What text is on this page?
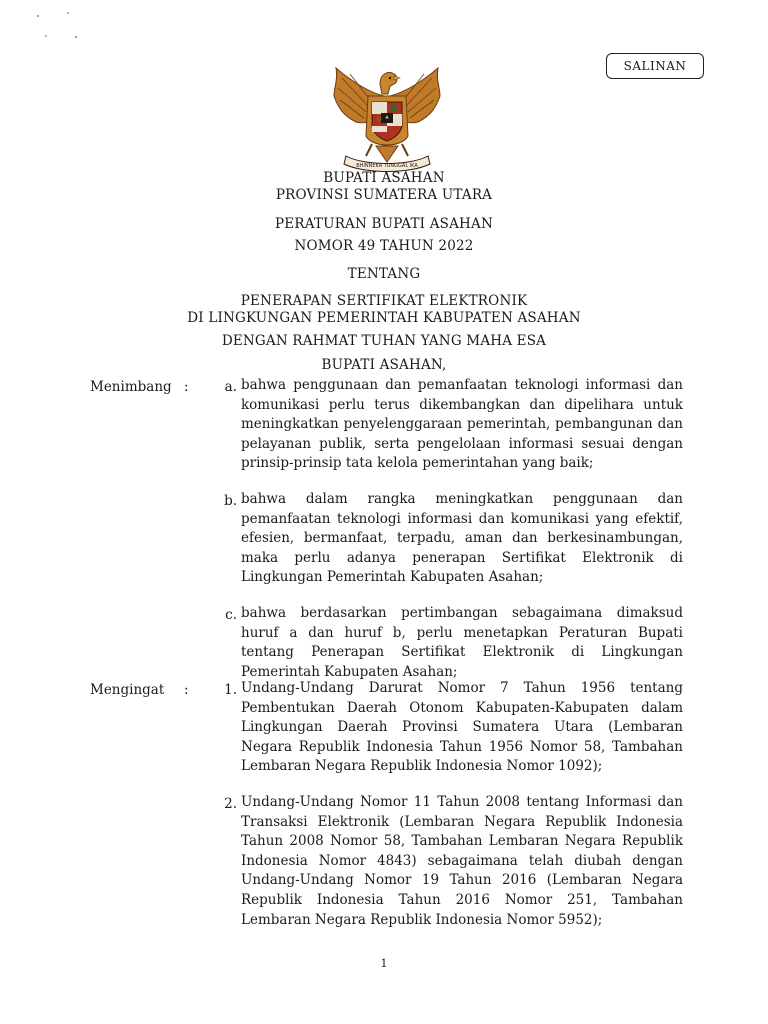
SALINAN
BHINNEKA TUNGGAL IKA
BUPATI ASAHAN
PROVINSI SUMATERA UTARA
PERATURAN BUPATI ASAHAN
NOMOR 49 TAHUN 2022
TENTANG
PENERAPAN SERTIFIKAT ELEKTRONIK
DI LINGKUNGAN PEMERINTAH KABUPATEN ASAHAN
DENGAN RAHMAT TUHAN YANG MAHA ESA
BUPATI ASAHAN,
Menimbang :	a. bahwa penggunaan dan pemanfaatan teknologi informasi dan komunikasi perlu terus dikembangkan dan dipelihara untuk meningkatkan penyelenggaraan pemerintah, pembangunan dan pelayanan publik, serta pengelolaan informasi sesuai dengan prinsip-prinsip tata kelola pemerintahan yang baik;
b. bahwa dalam rangka meningkatkan penggunaan dan pemanfaatan teknologi informasi dan komunikasi yang efektif, efesien, bermanfaat, terpadu, aman dan berkesinambungan, maka perlu adanya penerapan Sertifikat Elektronik di Lingkungan Pemerintah Kabupaten Asahan;
c. bahwa berdasarkan pertimbangan sebagaimana dimaksud huruf a dan huruf b, perlu menetapkan Peraturan Bupati tentang Penerapan Sertifikat Elektronik di Lingkungan Pemerintah Kabupaten Asahan;
Mengingat :	1. Undang-Undang Darurat Nomor 7 Tahun 1956 tentang Pembentukan Daerah Otonom Kabupaten-Kabupaten dalam Lingkungan Daerah Provinsi Sumatera Utara (Lembaran Negara Republik Indonesia Tahun 1956 Nomor 58, Tambahan Lembaran Negara Republik Indonesia Nomor 1092);
2. Undang-Undang Nomor 11 Tahun 2008 tentang Informasi dan Transaksi Elektronik (Lembaran Negara Republik Indonesia Tahun 2008 Nomor 58, Tambahan Lembaran Negara Republik Indonesia Nomor 4843) sebagaimana telah diubah dengan Undang-Undang Nomor 19 Tahun 2016 (Lembaran Negara Republik Indonesia Tahun 2016 Nomor 251, Tambahan Lembaran Negara Republik Indonesia Nomor 5952);
1
